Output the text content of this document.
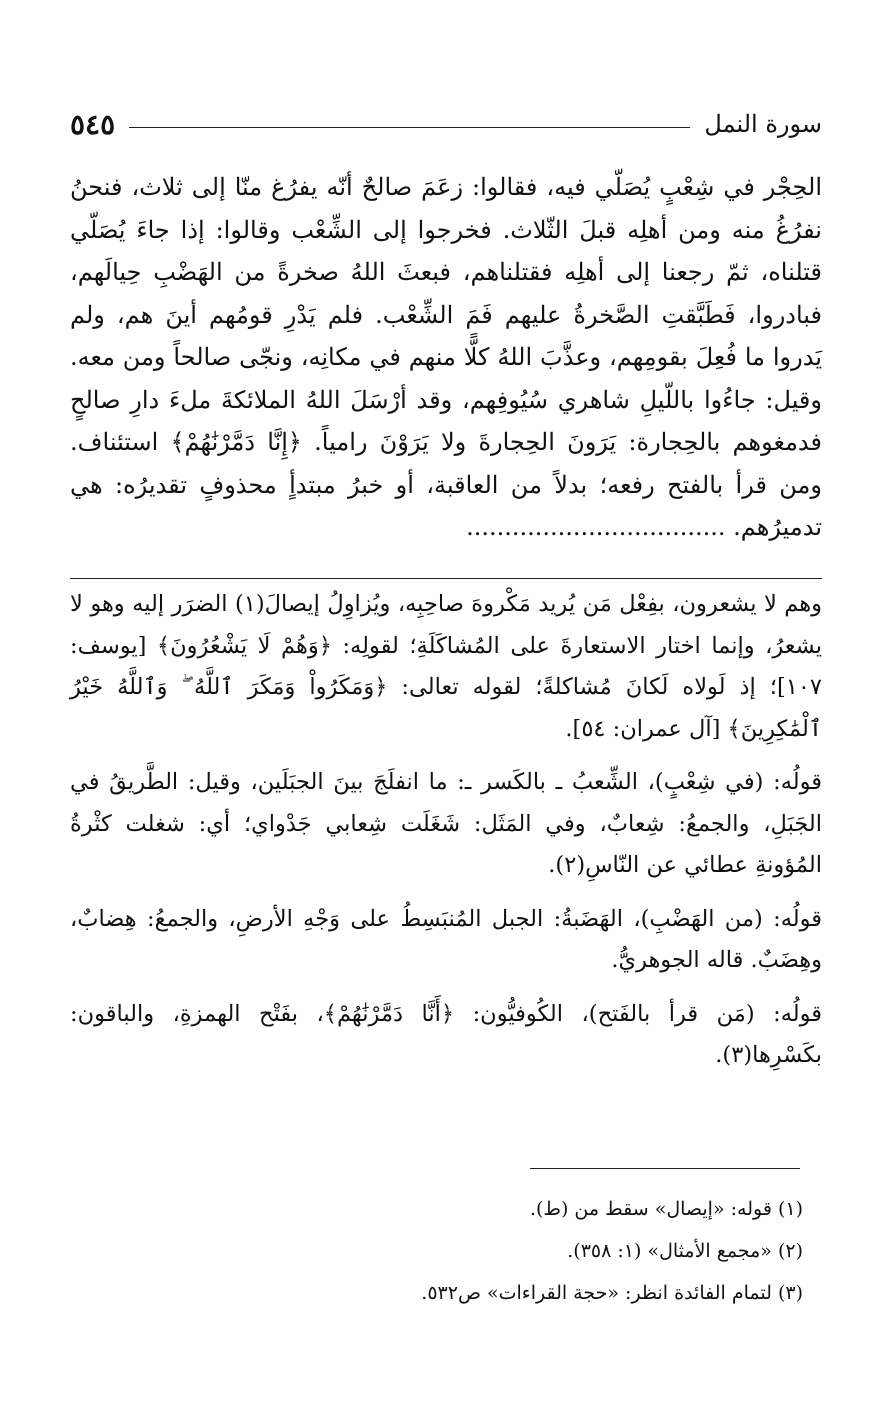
سورة النمل
٥٤٥

الحِجْر في شِعْبٍ يُصَلّي فيه، فقالوا: زعَمَ صالحٌ أنّه يفرُغ منّا إلى ثلاث، فنحنُ نفرُغُ منه ومن أهلِه قبلَ الثّلاث. فخرجوا إلى الشِّعْب وقالوا: إذا جاءَ يُصَلّي قتلناه، ثمّ رجعنا إلى أهلِه فقتلناهم، فبعثَ اللهُ صخرةً من الهَضْبِ حِيالَهم، فبادروا، فَطَبَّقتِ الصَّخرةُ عليهم فَمَ الشِّعْب. فلم يَدْرِ قومُهم أينَ هم، ولم يَدروا ما فُعِلَ بقومِهم، وعذَّبَ اللهُ كلًّا منهم في مكانِه، ونجّى صالحاً ومن معه. وقيل: جاءُوا باللّيلِ شاهري سُيُوفِهم، وقد أرْسَلَ اللهُ الملائكةَ ملءَ دارِ صالحٍ فدمغوهم بالحِجارة: يَرَونَ الحِجارةَ ولا يَرَوْنَ رامياً. ﴿إِنَّا دَمَّرْنَٰهُمْ﴾ استئناف. ومن قرأ بالفتح رفعه؛ بدلاً من العاقبة، أو خبرُ مبتدأٍ محذوفٍ تقديرُه: هي تدميرُهم. ..................................

وهم لا يشعرون، بفِعْل مَن يُريد مَكْروهَ صاحِبِه، ويُزاوِلُ إيصالَ(١) الضرَر إليه وهو لا يشعرُ، وإنما اختار الاستعارةَ على المُشاكَلَةِ؛ لقولِه: ﴿وَهُمْ لَا يَشْعُرُونَ﴾ [يوسف: ١٠٧]؛ إذ لَولاه لَكانَ مُشاكلةً؛ لقوله تعالى: ﴿وَمَكَرُواْ وَمَكَرَ ٱللَّهُ ۖ وَٱللَّهُ خَيْرُ ٱلْمَٰكِرِينَ﴾ [آل عمران: ٥٤].

قولُه: (في شِعْبٍ)، الشِّعبُ ـ بالكَسر ـ: ما انفلَجَ بينَ الجبَلَين، وقيل: الطَّريقُ في الجَبَلِ، والجمعُ: شِعابٌ، وفي المَثَل: شَغَلَت شِعابي جَدْواي؛ أي: شغلت كثْرةُ المُؤونةِ عطائي عن النّاسِ(٢).

قولُه: (من الهَضْبِ)، الهَضَبةُ: الجبل المُنبَسِطُ على وَجْهِ الأرضِ، والجمعُ: هِضابٌ، وهِضَبٌ. قاله الجوهريُّ.

قولُه: (مَن قرأ بالفَتح)، الكُوفيُّون: ﴿أَنَّا دَمَّرْنَٰهُمْ﴾، بفَتْح الهمزةِ، والباقون: بكَسْرِها(٣).

(١) قوله: «إيصال» سقط من (ط).

(٢) «مجمع الأمثال» (١: ٣٥٨).

(٣) لتمام الفائدة انظر: «حجة القراءات» ص٥٣٢.
